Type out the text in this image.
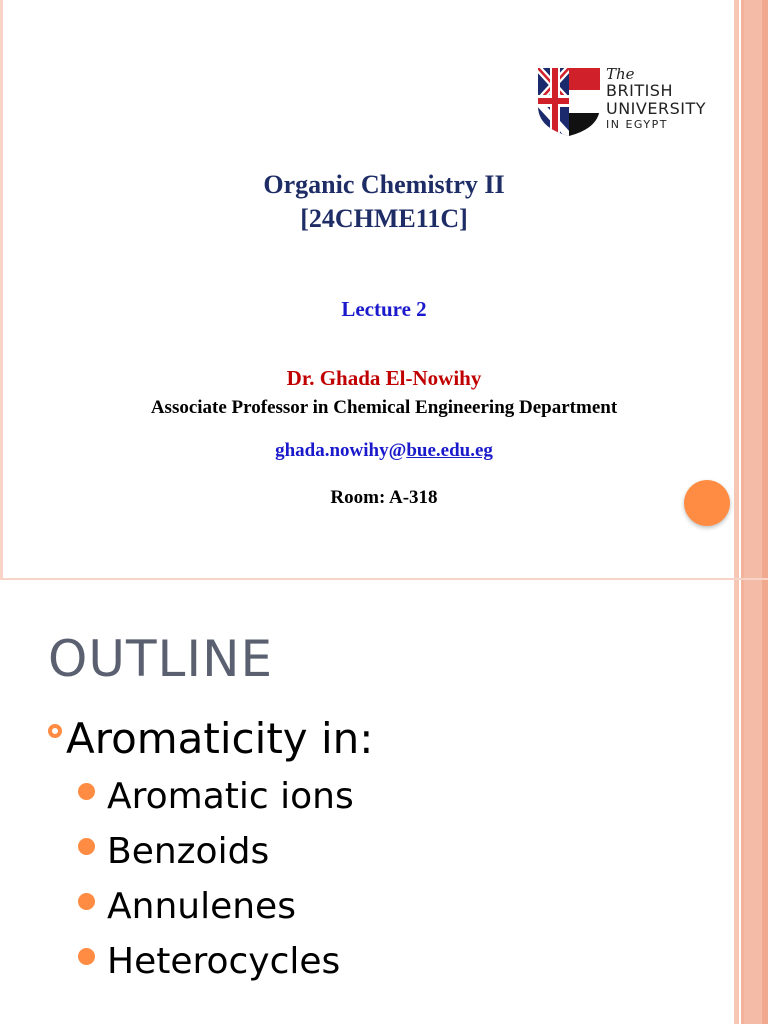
The
BRITISH
UNIVERSITY
IN EGYPT
Organic Chemistry II
[24CHME11C]
Lecture 2
Dr. Ghada El-Nowihy
Associate Professor in Chemical Engineering Department
ghada.nowihy@bue.edu.eg
Room: A-318
OUTLINE
Aromaticity in:
Aromatic ions
Benzoids
Annulenes
Heterocycles
